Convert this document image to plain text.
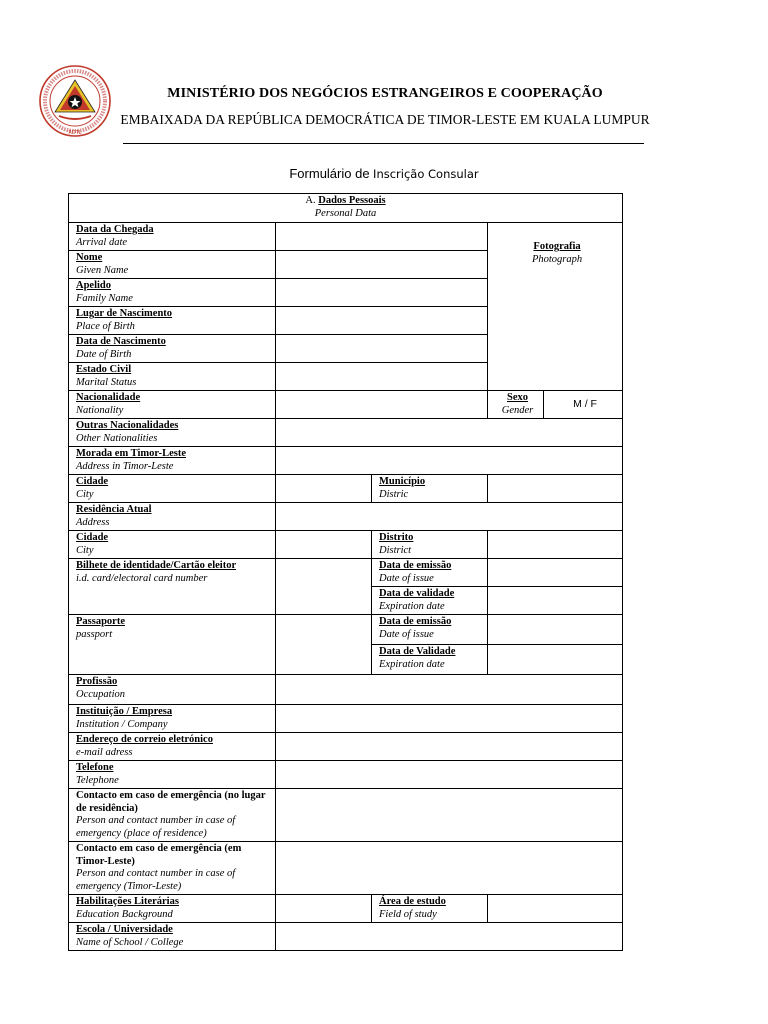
RDTL
MINISTÉRIO DOS NEGÓCIOS ESTRANGEIROS E COOPERAÇÃO
EMBAIXADA DA REPÚBLICA DEMOCRÁTICA DE TIMOR-LESTE EM KUALA LUMPUR
Formulário de Inscrição Consular
A. Dados Pessoais
Personal Data				

Data da Chegada
Arrival date			Fotografia
Photograph	

Nome
Given Name				

Apelido
Family Name				

Lugar de Nascimento
Place of Birth				

Data de Nascimento
Date of Birth				

Estado Civil
Marital Status				

Nacionalidade
Nationality			Sexo
Gender	M / F

Outras Nacionalidades
Other Nationalities				

Morada em Timor-Leste
Address in Timor-Leste				

Cidade
City		Município
Distric		

Residência Atual
Address				

Cidade
City		Distrito
District		

Bilhete de identidade/Cartão eleitor
i.d. card/electoral card number		Data de emissão
Date of issue		

		Data de validade
Expiration date		

Passaporte
passport		Data de emissão
Date of issue		

		Data de Validade
Expiration date		

Profissão
Occupation				

Instituição / Empresa
Institution / Company				

Endereço de correio eletrónico
e-mail adress				

Telefone
Telephone				

Contacto em caso de emergência (no lugar de residência)
Person and contact number in case of emergency (place of residence)				

Contacto em caso de emergência (em Timor-Leste)
Person and contact number in case of emergency (Timor-Leste)				

Habilitações Literárias
Education Background		Área de estudo
Field of study		

Escola / Universidade
Name of School / College				
